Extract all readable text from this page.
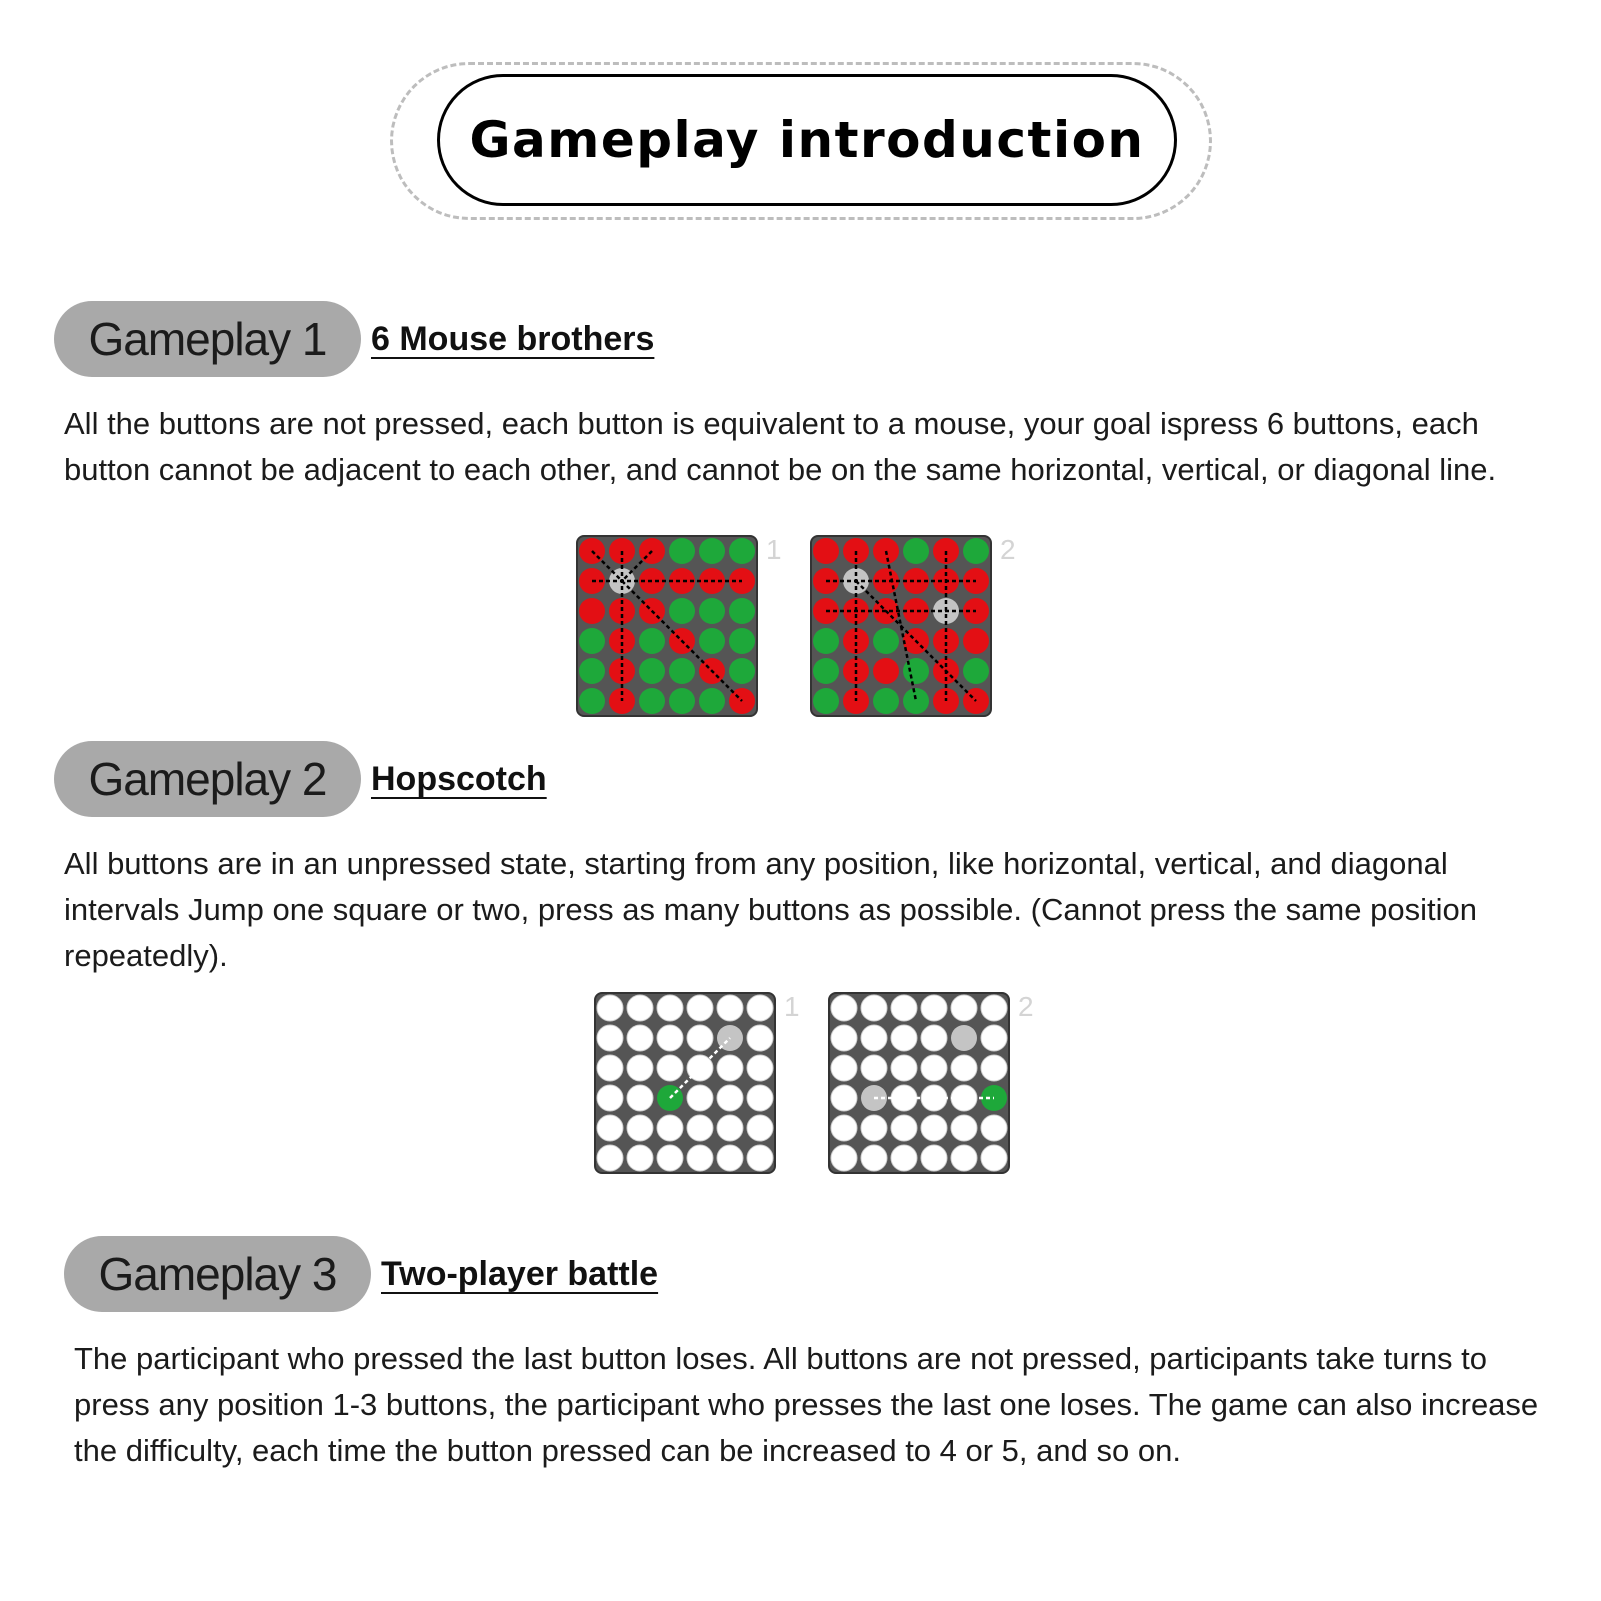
Gameplay introduction
Gameplay 1 6 Mouse brothers

All the buttons are not pressed, each button is equivalent to a mouse, your goal ispress 6 buttons, each button cannot be adjacent to each other, and cannot be on the same horizontal, vertical, or diagonal line.

1	2
Gameplay 2 Hopscotch

All buttons are in an unpressed state, starting from any position, like horizontal, vertical, and diagonal intervals Jump one square or two, press as many buttons as possible. (Cannot press the same position repeatedly).

1	2
Gameplay 3 Two-player battle

The participant who pressed the last button loses. All buttons are not pressed, participants take turns to press any position 1-3 buttons, the participant who presses the last one loses. The game can also increase the difficulty, each time the button pressed can be increased to 4 or 5, and so on.
